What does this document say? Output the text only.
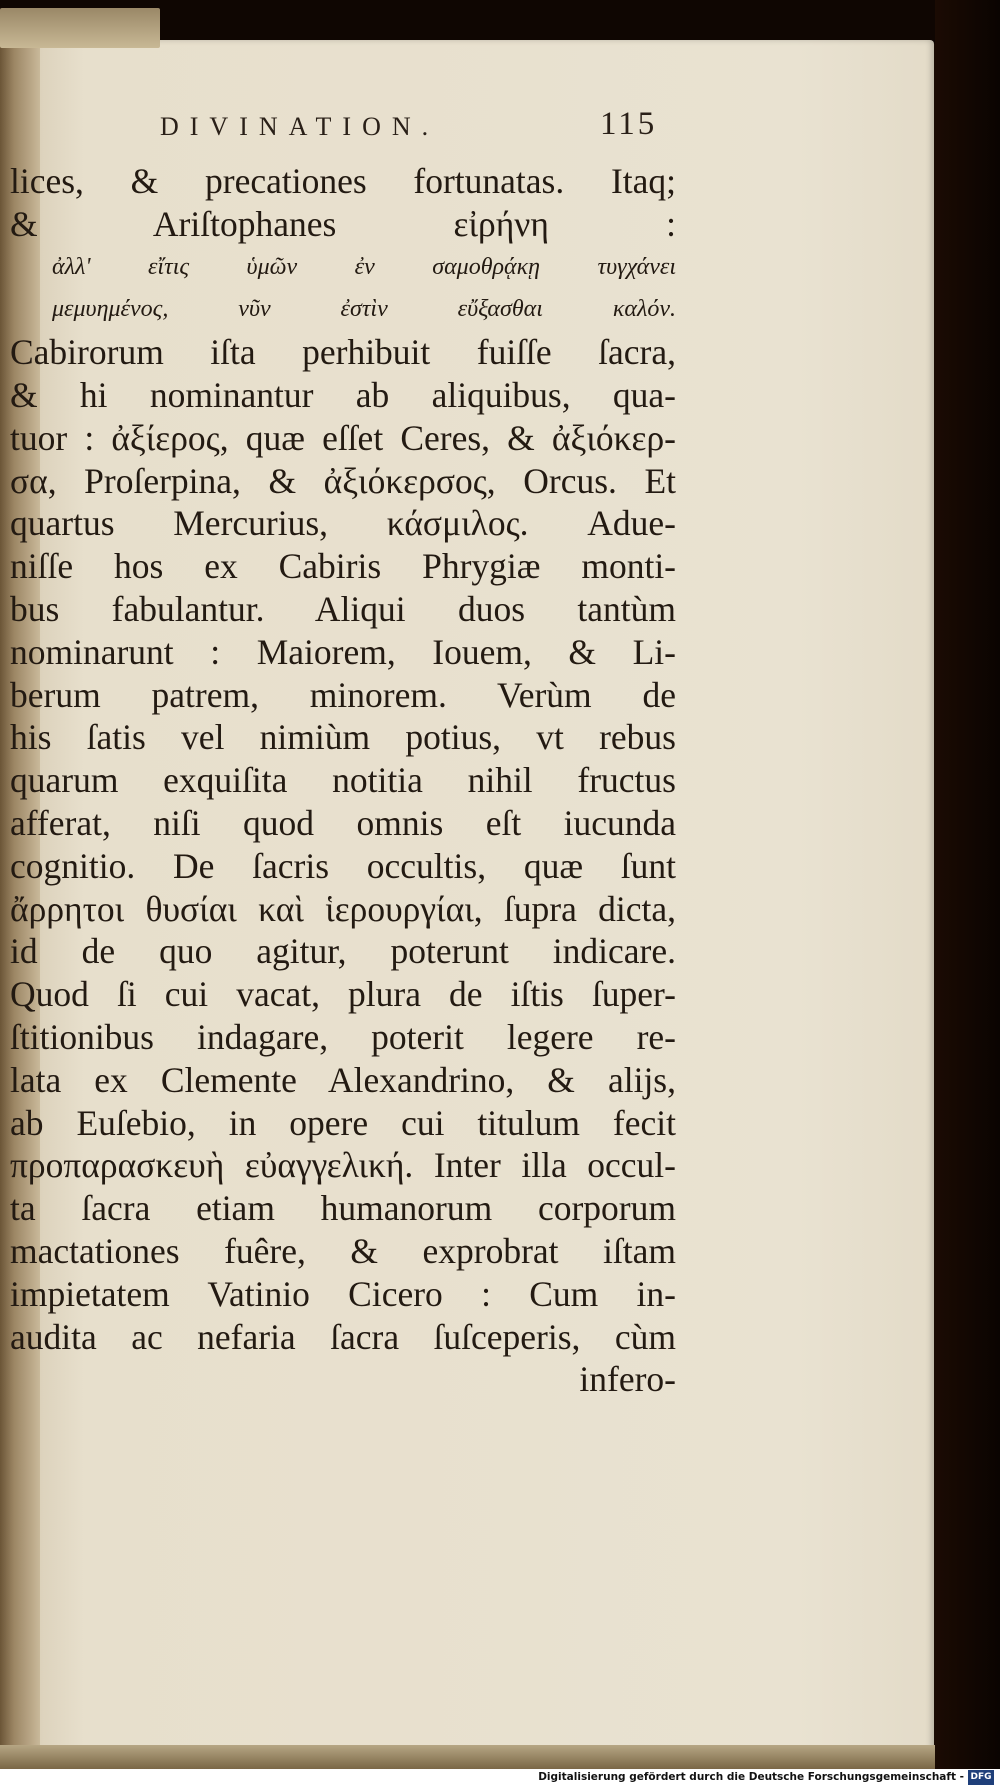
DIVINATION.	115
lices, & precationes fortunatas. Itaq;
& Ariſtophanes εἰρήνη :
ἀλλ' εἴτις ὑμῶν ἐν σαμοθρᾴκῃ τυγχάνει
μεμυημένος, νῦν ἐστὶν εὔξασθαι καλόν.
Cabirorum iſta perhibuit fuiſſe ſacra,
& hi nominantur ab aliquibus, qua-
tuor : ἀξίερος, quæ eſſet Ceres, & ἀξιόκερ-
σα, Proſerpina, & ἀξιόκερσος, Orcus. Et
quartus Mercurius, κάσμιλος. Adue-
niſſe hos ex Cabiris Phrygiæ monti-
bus fabulantur. Aliqui duos tantùm
nominarunt : Maiorem, Iouem, & Li-
berum patrem, minorem. Verùm de
his ſatis vel nimiùm potius, vt rebus
quarum exquiſita notitia nihil fructus
afferat, niſi quod omnis eſt iucunda
cognitio. De ſacris occultis, quæ ſunt
ἄρρητοι θυσίαι καὶ ἱερουργίαι, ſupra dicta,
id de quo agitur, poterunt indicare.
Quod ſi cui vacat, plura de iſtis ſuper-
ſtitionibus indagare, poterit legere re-
lata ex Clemente Alexandrino, & alijs,
ab Euſebio, in opere cui titulum fecit
προπαρασκευὴ εὐαγγελική. Inter illa occul-
ta ſacra etiam humanorum corporum
mactationes fuêre, & exprobrat iſtam
impietatem Vatinio Cicero : Cum in-
audita ac nefaria ſacra ſuſceperis, cùm
infero-
Digitalisierung gefördert durch die Deutsche Forschungsgemeinschaft - DFG
